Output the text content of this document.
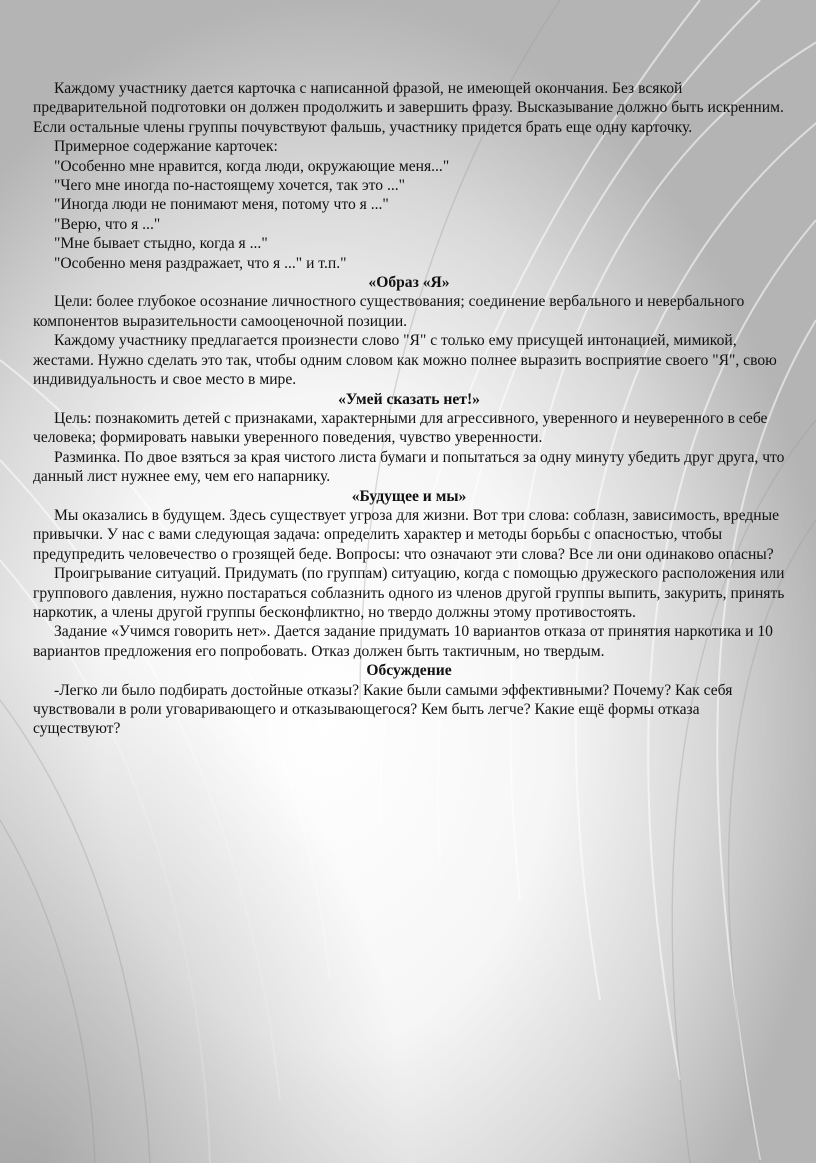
Каждому участнику дается карточка с написанной фразой, не имеющей окончания. Без всякой предварительной подготовки он должен продолжить и завершить фразу. Высказывание должно быть искренним. Если остальные члены группы почувствуют фальшь, участнику придется брать еще одну карточку.

Примерное содержание карточек:

"Особенно мне нравится, когда люди, окружающие меня..."

"Чего мне иногда по-настоящему хочется, так это ..."

"Иногда люди не понимают меня, потому что я ..."

"Верю, что я ..."

"Мне бывает стыдно, когда я ..."

"Особенно меня раздражает, что я ..." и т.п."

«Образ «Я»

Цели: более глубокое осознание личностного существования; соединение вербального и невербального компонентов выразительности самооценочной позиции.

Каждому участнику предлагается произнести слово "Я" с только ему присущей интонацией, мимикой, жестами. Нужно сделать это так, чтобы одним словом как можно полнее выразить восприятие своего "Я", свою индивидуальность и свое место в мире.

«Умей сказать нет!»

Цель: познакомить детей с признаками, характерными для агрессивного, уверенного и неуверенного в себе человека; формировать навыки уверенного поведения, чувство уверенности.

Разминка. По двое взяться за края чистого листа бумаги и попытаться за одну минуту убедить друг друга, что данный лист нужнее ему, чем его напарнику.

«Будущее и мы»

Мы оказались в будущем. Здесь существует угроза для жизни. Вот три слова: соблазн, зависимость, вредные привычки. У нас с вами следующая задача: определить характер и методы борьбы с опасностью, чтобы предупредить человечество о грозящей беде. Вопросы: что означают эти слова? Все ли они одинаково опасны?

Проигрывание ситуаций. Придумать (по группам) ситуацию, когда с помощью дружеского расположения или группового давления, нужно постараться соблазнить одного из членов другой группы выпить, закурить, принять наркотик, а члены другой группы бесконфликтно, но твердо должны этому противостоять.

Задание «Учимся говорить нет». Дается задание придумать 10 вариантов отказа от принятия наркотика и 10 вариантов предложения его попробовать. Отказ должен быть тактичным, но твердым.

Обсуждение

-Легко ли было подбирать достойные отказы? Какие были самыми эффективными? Почему? Как себя чувствовали в роли уговаривающего и отказывающегося? Кем быть легче? Какие ещё формы отказа существуют?
